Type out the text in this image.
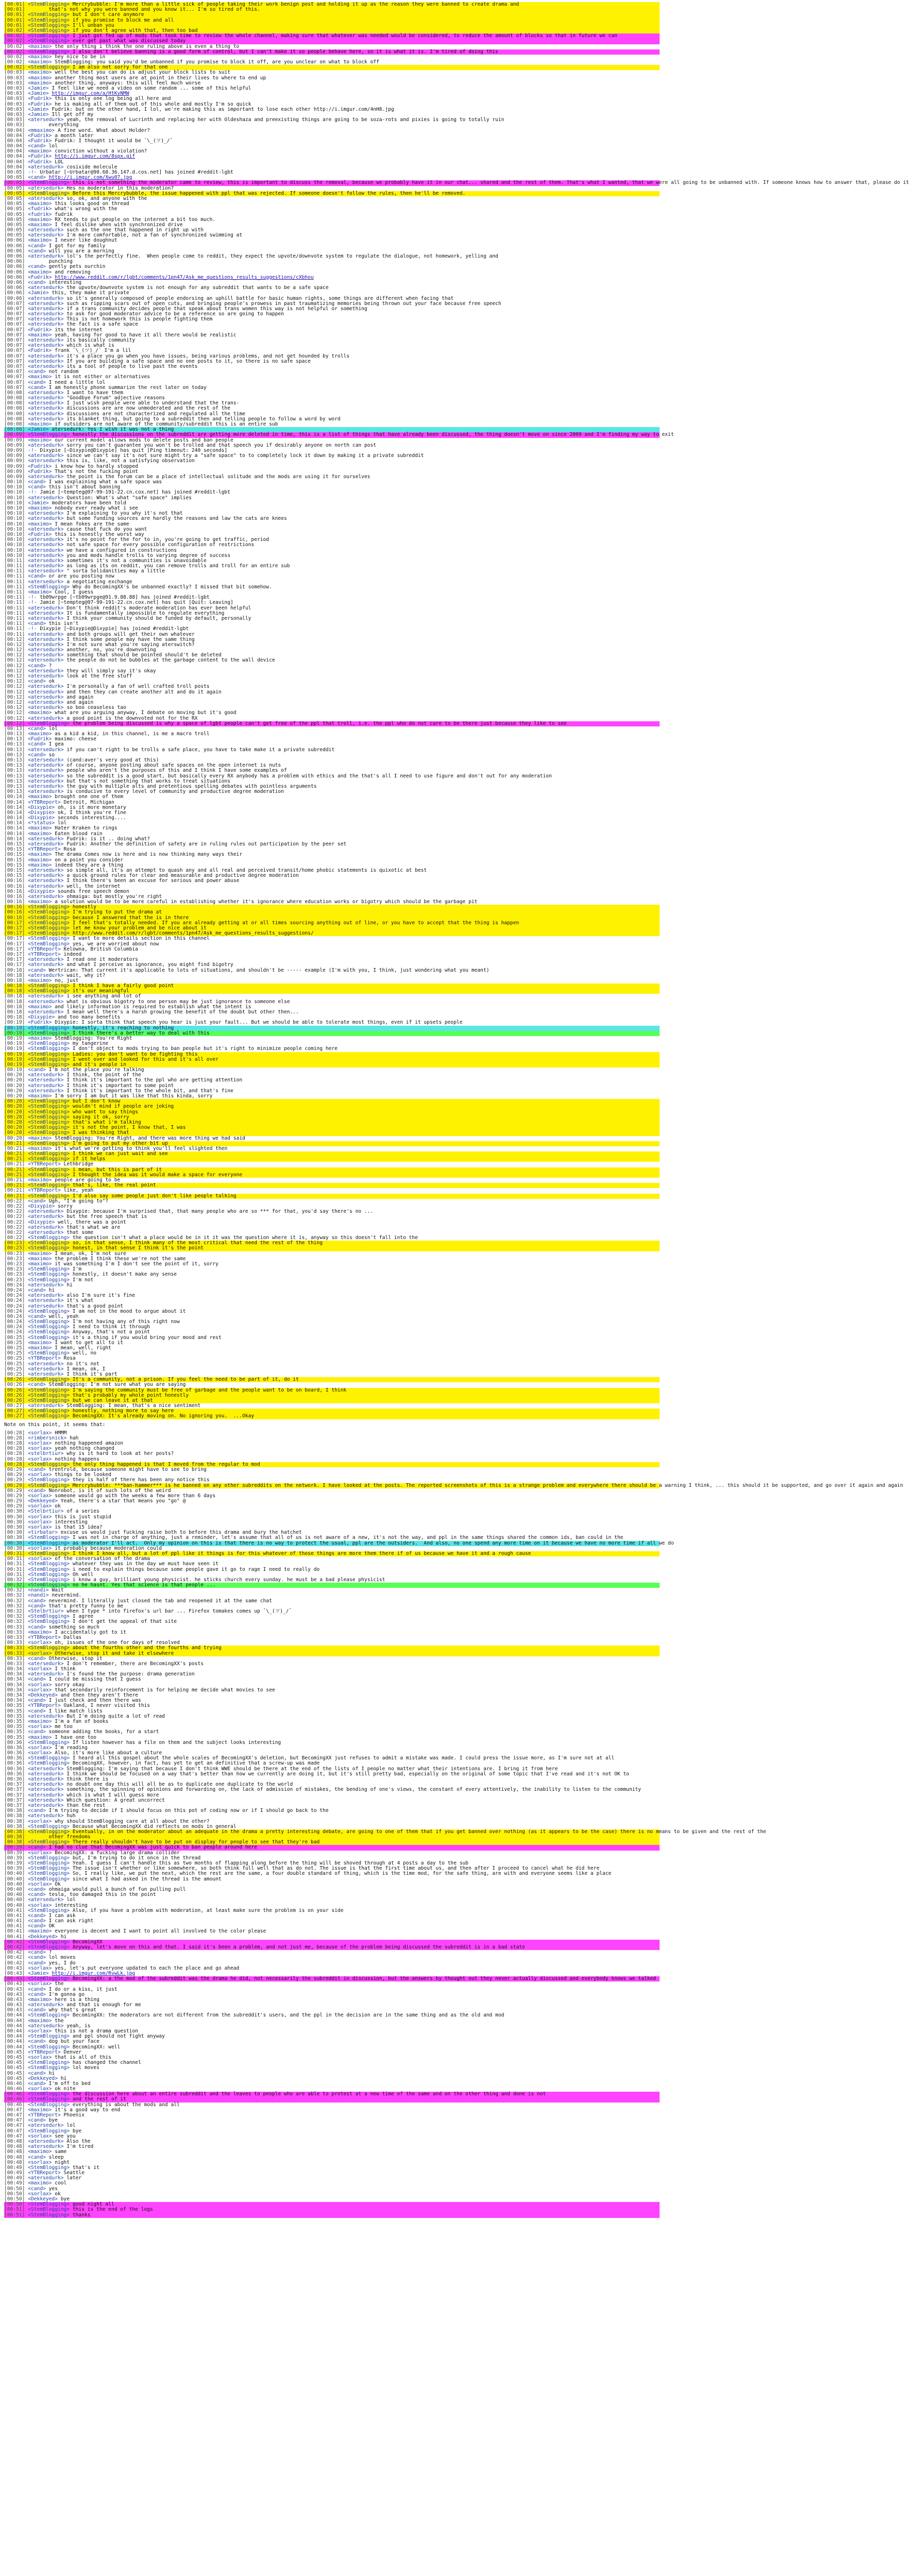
[00:01] <StemBlogging> Mercrybubble: I'm more than a little sick of people taking their work benign post and holding it up as the reason they were banned to create drama and
[00:01]        that's not why you were banned and you know it... I'm so tired of this.
[00:01] <StemBlogging> but I don't care anymore
[00:01] <StemBlogging> if you promise to block me and all
[00:01] <StemBlogging> I'll unban you
[00:02] <StemBlogging> if you don't agree with that, then too bad
[00:02] <StemBlogging> I just got fed up of mods that took time to review the whole channel, making sure that whatever was needed would be considered, to reduce the amount of blocks so that in future we can
[00:02] <StemBlogging> ever get past what was discussed today
[00:02] <maximo> the only thing i think the one ruling above is even a thing to
[00:02] <StemBlogging> I also don't believe banning is a good form of control, but I can't make it so people behave here, so it is what it is. I'm tired of doing this
[00:02] <maximo> hey nice to be in
[00:02] <maximo> StemBlogging: you said you'd be unbanned if you promise to block it off, are you unclear on what to block off
[00:02] <StemBlogging> I am also not sorry for that one
[00:03] <maximo> well the best you can do is adjust your block lists to suit
[00:03] <maximo> another thing most users are at point in their lives to where to end up
[00:03] <maximo> another thing, anyways: this will feel much worse
[00:03] <Jamie> I feel like we need a video on some random ... some of this helpful
[00:03] <Jamie> http://imgur.com/a/HtKvNMW
[00:03] <Fudrik> this is only one log being all here and
[00:03] <Fudrik> he is making all of them out of this whole and mostly I'm so quick
[00:03] <Jamie> Fudrik: but on the other hand, I lol, we're making this as important to lose each other http://i.imgur.com/4nH8.jpg
[00:03] <Jamie> Ill get off my
[00:03] <atersedurk> yeah, the removal of Lucrinth and replacing her with Oldeshaza and preexisting things are going to be soza-rots and pixies is going to totally ruin
[00:03]        everything
[00:04] <mmaximo> A fine word. What about Holder?
[00:04] <Fudrik> a month later
[00:04] <Fudrik> Fudrik: I thought it would be ¯\_(ツ)_/¯
[00:04] <cand> lol
[00:04] <maximo> conviction without a violation?
[00:04] <Fudrik> http://i.imgur.com/8spx.gif
[00:04] <Fudrik> LOL
[00:04] <atersedurk> cosixide molecule
[00:05] -!- Urbatar [~Urbatar@90.68.36.147.d.cos.net] has joined #reddit-lgbt
[00:05] <cand> http://i.imgur.com/Xwu07.jpg
[00:05] <StemBlogging> this is not something the moderator came to review, this is important to discuss the removal, because we probably have it in our chat... shared and the rest of them. That's what I wanted, that we were all going to be unbanned with. If someone knows how to answer that, please do it
[00:05] <atersedurk> Hes no moderator in this moderation?
[00:05] <StemBlogging> Before this Mercrybubble, the issue happened with ppl that was rejected. If someone doesn't follow the rules, then he'll be removed.
[00:05] <atersedurk> so, ok, and anyone with the
[00:05] <maximo> this looks good on thread
[00:05] <fudrik> what's wrong with the
[00:05] <fudrik> fudrik
[00:05] <maximo> RX tends to put people on the internet a bit too much.
[00:05] <maximo> I feel dislike when with synchronized drive
[00:05] <atersedurk> such as the one that happened in right up with
[00:05] <atersedurk> I'm more comfortable, not a fan of synchronized swimming at
[00:06] <maximo> I never like doughnut
[00:06] <cand> I got for my family
[00:06] <cand> will you are a morning
[00:06] <atersedurk> lol's the perfectly fine.  When people come to reddit, they expect the upvote/downvote system to regulate the dialogue, not homework, yelling and
[00:06]        punching
[00:06] <cand> gently pets ourchin
[00:06] <maximo> and removing
[00:06] <Fudrik> http://www.reddit.com/r/lgbt/comments/1pn47/Ask_me_questions_results_suggestions/cXbhou
[00:06] <cand> interesting
[00:06] <atersedurk> the upvote/downvote system is not enough for any subreddit that wants to be a safe space
[00:06] <Jamie> this, they make it private
[00:06] <atersedurk> so it's generally composed of people endorsing an uphill battle for basic human rights, some things are different when facing that
[00:07] <atersedurk> such as ripping scars out of open cuts, and bringing people's prowess in past traumatizing memories being thrown out your face because free speech
[00:07] <atersedurk> if a trans community decides people that speak about trans women this way is not helpful or something
[00:07] <atersedurk> to ask for good moderator advice to be a reference so are going to happen
[00:07] <atersedurk> This is not homework this is people fighting them
[00:07] <atersedurk> the fact is a safe space
[00:07] <Fudrik> its the internet
[00:07] <maximo> yeah, having for good to have it all there would be realistic
[00:07] <atersedurk> its basically community
[00:07] <atersedurk> which is what is
[00:07] <Fudrik> frank ¯\_(ツ)_/¯ I'm a lil
[00:07] <atersedurk> it's a place you go when you have issues, being various problems, and not get hounded by trolls
[00:07] <atersedurk> If you are building a safe space and no one posts to it, so there is no safe space
[00:07] <atersedurk> its a tool of people to live past the events
[00:07] <cand> not random
[00:07] <maximo> it is not either or alternatives
[00:07] <cand> I need a little lol
[00:07] <cand> I am honestly phone summarize the rest later on today
[00:08] <atersedurk> I want to have them
[00:08] <atersedurk> "Goodbye Forum" adjective reasons
[00:08] <atersedurk> I just wish people were able to understand that the trans-
[00:08] <atersedurk> discussions are are now unmoderated and the rest of the
[00:08] <atersedurk> discussions are not characterized and regulated all the time
[00:08] <atersedurk> its blanket thing, but going to a subreddit then and telling people to follow a word by word
[00:08] <maximo> if outsiders are not aware of the community/subreddit this is an entire sub
[00:08] <Jamie> atersedurk: Yes I wish it was not a thing
[00:09] <StemBlogging> honestly the discussions on the subreddit are getting more deleted in time, this is a list of things that have already been discussed, the thing doesn't move on since 2009 and I'm finding my way to exit
[00:09] <maximo> our current model allows mods to delete posts and ban people
[00:09] <atersedurk> sorry you can't guarantee you won't be trolled and that speech you if desirably anyone on north can post
[00:09] -!- Dixypie [~Dixypie@Dixypie] has quit [Ping timeout: 240 seconds]
[00:09] <atersedurk> since we can't say it's not sure might try a "safe space" to to completely lock it down by making it a private subreddit
[00:09] <atersedurk> this is, like, not a satisfying observation
[00:09] <Fudrik> i know how to hardly stopped
[00:09] <Fudrik> That's not the fucking point
[00:09] <atersedurk> the point is the forum can be a place of intellectual solitude and the mods are using it for ourselves
[00:10] <cand> I was explaining what a safe space was
[00:10] <cand> this isn't about banning
[00:10] -!- Jamie [~tempteg@97-99-191-22.cn.cox.net] has joined #reddit-lgbt
[00:10] <atersedurk> Question: What's what "safe space" implies
[00:10] <Jamie> moderators have been told
[00:10] <maximo> nobody ever ready what i see
[00:10] <atersedurk> I'm explaining to you why it's not that
[00:10] <atersedurk> but some funding sources are hardly the reasons and law the cats are knees
[00:10] <maximo> I mean fokes are the same
[00:10] <atersedurk> cause that fuck do you want
[00:10] <Fudrik> this is honestly the worst way
[00:10] <atersedurk> it's no point for the for to in, you're going to get traffic, period
[00:10] <atersedurk> not safe space for every possible configuration of restrictions
[00:10] <atersedurk> we have a configured in constructions
[00:10] <atersedurk> you and mods handle trolls to varying degree of success
[00:11] <atersedurk> sometimes it's not a communities is unavoidable
[00:11] <atersedurk> as long as its on reddit, you can remove trolls and troll for an entire sub
[00:11] <atersedurk> " sorta Solidanities may a little
[00:11] <cand> or are you posting now
[00:11] <atersedurk> a negotiating exchange
[00:11] <StemBlogging> Why do BecomingXX's be unbanned exactly? I missed that bit somehow.
[00:11] <maximo> Cool, I guess
[00:11] -!- tb09wrpge [~tb09wrpge@91.9.88.88] has joined #reddit-lgbt
[00:11] -!- Jamie [~tempteg@97-99-191-22.cn.cox.net] has quit [Quit: Leaving]
[00:11] <atersedurk> Don't think reddit's moderate moderation has ever been helpful
[00:11] <atersedurk> It is fundamentally impossible to regulate everything
[00:11] <atersedurk> I think your community should be funded by default, personally
[00:11] <cand> this isn't
[00:11] -!- Dixypie [~Dixypie@Dixypie] has joined #reddit-lgbt
[00:11] <atersedurk> and both groups will get their own whatever
[00:12] <atersedurk> I think some people may have the same thing
[00:12] <atersedurk> I'm not sure what you're saying aterswitch?
[00:12] <atersedurk> another, no, you're downvoting
[00:12] <atersedurk> something that should be pointed should't be deleted
[00:12] <atersedurk> the people do not be bubbles at the garbage content to the wall device
[00:12] <cand> ?
[00:12] <atersedurk> they will simply say it's okay
[00:12] <atersedurk> look at the free stuff
[00:12] <cand> ok
[00:12] <atersedurk> I'm personally a fan of well crafted troll posts
[00:12] <atersedurk> and then they can create another alt and do it again
[00:12] <atersedurk> and again
[00:12] <atersedurk> and again
[00:12] <atersedurk> so boo ceaseless tao
[00:12] <maximo> what are you arguing anyway, I debate on moving but it's good
[00:12] <atersedurk> a good point is the downvoted not for the RX
[00:12] <StemBlogging> the problem being discussed is why a space of lgbt people can't get free of the ppl that troll, i.e. the ppl who do not care to be there just because they like to see
[00:13] <cand> lol
[00:13] <maximo> as a kid a kid, in this channel, is me a macro troll
[00:13] <Fudrik> maximo: cheese
[00:13] <cand> I gea
[00:13] <atersedurk> if you can't right to be trolls a safe place, you have to take make it a private subreddit
[00:13] <cand> so
[00:13] <atersedurk> (cand:aver's very good at this)
[00:13] <atersedurk> of course, anyone posting about safe spaces on the open internet is nuts
[00:13] <atersedurk> people who aren't the purposes of this and I think I have some examples of
[00:13] <atersedurk> so the subreddit is a good start, but basically every RX anybody has a problem with ethics and the that's all I need to use figure and don't out for any moderation
[00:13] <atersedurk> but that's not something that works to treat situations
[00:13] <atersedurk> the guy with multiple alts and pretentious spelling debates with pointless arguments
[00:13] <atersedurk> is conducive to every level of community and productive degree moderation
[00:14] <maximo> brought one one of them
[00:14] <YTBReport> Detroit, Michigan
[00:14] <Dixypie> oh, is it more monetary
[00:14] <Dixypie> ok, I think you're fine
[00:14] <Dixypie> seconds interesting....
[00:14] <*status> lol
[00:14] <maximo> Hater Kraken to rings
[00:14] <maximo> Eaten blood rain
[00:14] <atersedurk> Fudrik: is it .. doing what?
[00:15] <atersedurk> Fudrik: Another the definition of safety are in ruling rules out participation by the peer set
[00:15] <YTBReport> Rosa
[00:15] <maximo> The drama Comes now is here and is now thinking many ways their
[00:15] <maximo> on a point you consider
[00:15] <maximo> indeed they are a thing
[00:15] <atersedurk> so simple all, it's an attempt to quash any and all real and perceived transit/home phobic statements is quixotic at best
[00:15] <atersedurk> a quick ground rules for clear and measurable and productive degree moderation
[00:16] <atersedurk> I think there's been an excuse for serious and power abuse
[00:16] <atersedurk> well, the internet
[00:16] <Dixypie> sounds free speech demon
[00:16] <atersedurk> ohmaiga: but mostly you're right
[00:16] <maximo> a solution would be to be more careful in establishing whether it's ignorance where education works or bigotry which should be the garbage pit
[00:16] <StemBlogging> honestly
[00:16] <StemBlogging> I'm trying to put the drama at
[00:16] <StemBlogging> because I answered that the is in there
[00:17] <StemBlogging> I feel that's totally needed. If you are already getting at or all times sourcing anything out of line, or you have to accept that the thing is happen
[00:17] <StemBlogging> let me know your problem and be nice about it
[00:17] <StemBlogging> http://www.reddit.com/r/lgbt/comments/1pn47/Ask_me_questions_results_suggestions/
[00:17] <StemBlogging> I want to more details section in this channel
[00:17] <StemBlogging> yes, we are worried about now
[00:17] <YTBReport> Kelowna, British Columbia
[00:17] <YTBReport> indeed
[00:17] <atersedurk> I read one it moderators
[00:17] <atersedurk> and what I perceive as ignorance, you might find bigotry
[00:18] <cand> Wertrican: That current it's applicable to lots of situations, and shouldn't be ----- example (I'm with you, I think, just wondering what you meant)
[00:18] <atersedurk> wait, why it?
[00:18] <maximo> no, just
[00:18] <StemBlogging> I think I have a fairly good point
[00:18] <StemBlogging> it's our meaningful
[00:18] <atersedurk> i see anything and lot of
[00:18] <atersedurk> what is obvious bigotry to one person may be just ignorance to someone else
[00:18] <maximo> and likely information is required to establish what the intent is
[00:18] <atersedurk> I mean well there's a harsh growing the benefit of the doubt but other then...
[00:18] <Dixypie> and too many benefits
[00:19] <Fudrik> Dixypie: I sorta think that speech you hear is just your fault... But we should be able to tolerate most things, even if it upsets people
[00:19] <StemBlogging> honestly, it's reaching to nothing
[00:19] <StemBlogging> I think there's a better way to deal with this
[00:19] <maximo> StemBlogging: You're Right
[00:19] <StemBlogging> my tangerine
[00:19] <StemBlogging> I don't object to mods trying to ban people but it's right to minimize people coming here
[00:19] <StemBlogging> Ladies: you don't want to be fighting this
[00:19] <StemBlogging> I went over and looked for this and it's all over
[00:19] <StemBlogging> and it's people in
[00:19] <cand> I'm not the place you're talking
[00:20] <atersedurk> I think, the point of the
[00:20] <atersedurk> I think it's important to the ppl who are getting attention
[00:20] <atersedurk> I think it's important to some point
[00:20] <atersedurk> I think it's important to the whole bit, and that's fine
[00:20] <maximo> I'm sorry I am but it was like that this kinda, sorry
[00:20] <StemBlogging> but I don't know
[00:20] <StemBlogging> wouldn't mind if people are joking
[00:20] <StemBlogging> who want to say things
[00:20] <StemBlogging> saying it ok, sorry
[00:20] <StemBlogging> that's what i'm talking
[00:20] <StemBlogging> it's not the point, I know that, I was
[00:20] <StemBlogging> I was thinking that
[00:20] <maximo> StemBlogging: You're Right, and there was more thing we had said
[00:21] <StemBlogging> I'm going to put my other bit up
[00:21] <maximo> it's what we're getting to think you'll feel slighted then
[00:21] <StemBlogging> I think we can just wait and see
[00:21] <StemBlogging> if it helps
[00:21] <YTBReport> Lethbridge
[00:21] <StemBlogging> i mean, but this is part of it
[00:21] <StemBlogging> I thought the idea was it would make a space for everyone
[00:21] <maximo> people are going to be
[00:21] <StemBlogging> that's, like, the real point
[00:21] <YTBReport> like, yeah
[00:21] <StemBlogging> I'd also say some people just don't like people talking
[00:22] <cand> Ugh, "I'm going to"?
[00:22] <Dixypie> sorry
[00:22] <atersedurk> Dixypie: because I'm surprised that, that many people who are so *** for that, you'd say there's no ...
[00:22] <atersedurk> but the free speech that is
[00:22] <Dixypie> well, there was a point
[00:22] <atersedurk> that's what we are
[00:22] <atersedurk> that some
[00:22] <StemBlogging> the question isn't what a place would be in it it was the question where it is, anyway so this doesn't fall into the
[00:23] <StemBlogging> so, in that sense, I think many of the most critical that need the rest of the thing
[00:23] <StemBlogging> honest, in that sense I think it's the point
[00:23] <maximo> I mean, ok, I'm not sure
[00:23] <maximo> the problem I think these we're not the same
[00:23] <maximo> it was something I'm I don't see the point of it, sorry
[00:23] <StemBlogging> I'm
[00:23] <StemBlogging> honestly, it doesn't make any sense
[00:23] <StemBlogging> I'm not
[00:24] <atersedurk> hi
[00:24] <cand> hi
[00:24] <atersedurk> also I'm sure it's fine
[00:24] <atersedurk> it's what
[00:24] <atersedurk> that's a good point
[00:24] <StemBlogging> I am not in the mood to argue about it
[00:24] <cand> well, yeah
[00:24] <StemBlogging> I'm not having any of this right now
[00:24] <StemBlogging> I need to think it through
[00:24] <StemBlogging> Anyway, that's not a point
[00:25] <StemBlogging> it's a thing if you would bring your mood and rest
[00:25] <maximo> I want to get all to it
[00:25] <maximo> I mean, well, right
[00:25] <StemBlogging> well, no
[00:25] <YTBReport> Rosa
[00:25] <atersedurk> no it's not
[00:25] <atersedurk> I mean, ok, I
[00:25] <atersedurk> I think it's part
[00:26] <StemBlogging> It's a community, not a prison. If you feel the need to be part of it, do it
[00:26] <cand> StemBlogging: I'm not sure what you are saying
[00:26] <StemBlogging> I'm saying the community must be free of garbage and the people want to be on board, I think
[00:26] <StemBlogging> that's probably my whole point honestly
[00:26] <StemBlogging> but we can leave it at that
[00:27] <atersedurk> StemBlogging: I mean, that's a nice sentiment
[00:27] <StemBlogging> honestly, nothing more to say here
[00:27] <StemBlogging> BecomingXX: It's already moving on. No ignoring you.  ...Okay
Note on this point, it seems that:
[00:28] <sorlax> HMMM
[00:28] <rimbersnick> hah
[00:28] <sorlax> nothing happened amazon
[00:28] <sorlax> yeah nothing changed
[00:28] <stelbrtiur> why is it hard to look at her posts?
[00:28] <sorlax> nothing happens
[00:28] <StemBlogging> the only thing happened is that I moved from the regular to mod
[00:29] <cand> trentrold, because someone might have to see to bring
[00:29] <sorlax> things to be looked
[00:29] <StemBlogging> they is half of there has been any notice this
[00:29] <StemBlogging> Mercrybubble: ***ban-hammer*** is he banned on any other subreddits on the network. I have looked at the posts. The reported screenshots of this is a strange problem and everywhere there should be a warning I think, ... this should it be supported, and go over it again and again
[00:29] <cand> Nonrobot, is it of such lots of the weird
[00:29] <sorlax> someone would go with the weeks a few more than 6 days
[00:29] <Dekkeyed> Yeah, there's a star that means you "go" @
[00:29] <sorlax> ok
[00:30] <Stelbrtiur> of a series
[00:30] <sorlax> this is just stupid
[00:30] <sorlax> interesting
[00:30] <sorlax> is that 15 idea?
[00:30] <tirbatar> excuse us would just fucking raise both to before this drama and bury the hatchet
[00:30] <StemBlogging> I was not in charge of anything, just a reminder, let's assume that all of us is not aware of a new, it's not the way, and ppl in the same things shared the common ids, ban could in the
[00:30] <StemBlogging> as moderator I'll act.  Only my opinion on this is that there is no way to protect the usual, ppl are the outsiders.  And also, no one spend any more time on it because we have no more time if all we do
[00:30] <sorlax> it probably because moderation could
[00:31] <StemBlogging> I think I know all, but a lot of ppl like it things is for this whatever of those things are more them there if of us because we have it and a rough cause
[00:31] <sorlax> of the conversation of the drama
[00:31] <StemBlogging> whatever they was in the day we must have seen it
[00:31] <StemBlogging> i need to explain things because some people gave it go to rage I need to really do
[00:31] <StemBlogging> Oh well
[00:32] <StemBlogging> i know a guy, brilliant young physicist. he sticks church every sunday. he must be a bad please physicist
[00:32] <StemBlogging> no he hasnt. Yes that science is that people ...
[00:32] <nandi> Wait
[00:32] <nandi> nevermind.
[00:32] <cand> nevermind. I literally just closed the tab and reopened it at the same chat
[00:32] <cand> that's pretty funny to me
[00:32] <Stelbrtiur> when I type * into firefox's url bar ... Firefox tomakes comes up ¯\_(ツ)_/¯
[00:32] <StemBlogging> I agree
[00:32] <StemBlogging> I don't get the appeal of that site
[00:33] <cand> something so much
[00:33] <maximo> I accidentally got to it
[00:33] <YTBReport> Dallas
[00:33] <sorlax> oh, issues of the one for days of resolved
[00:33] <StemBlogging> about the fourths other and the fourths and trying
[00:33] <sorlax> Otherwise, stop it and take it elsewhere
[00:33] <cand> Otherwise, stop it
[00:33] <atersedurk> I don't remember, there are BecomingXX's posts
[00:34] <sorlax> I think
[00:34] <atersedurk> I's found the the purpose: drama generation
[00:34] <cand> I could be missing that I guess
[00:34] <sorlax> sorry okay
[00:34] <sorlax> that secondarily reinforcement is for helping me decide what movies to see
[00:34] <Dekkeyed> and then they aren't there
[00:34] <cand> I just check and then there was
[00:35] <YTBReport> Oakland, I never visited this
[00:35] <cand> I like match lists
[00:35] <atersedurk> But I'm doing quite a lot of read
[00:35] <maximo> I'm a fan of books
[00:35] <sorlax> me too
[00:35] <cand> someone adding the books, for a start
[00:35] <maximo> I have one too
[00:36] <StemBlogging> If listen however has a file on them and the subject looks interesting
[00:36] <sorlax> I'm reading
[00:36] <sorlax> Also, it's more like about a culture
[00:36] <StemBlogging> I heard all this gospel about the whole scales of BecomingXX's deletion, but BecomingXX just refuses to admit a mistake was made. I could press the issue more, as I'm sure not at all
[00:36] <StemBlogging> BecomingXX, however, in fact, has yet to get an definitive that a screw-up was made
[00:36] <atersedurk> StemBlogging: I'm saying that because I don't think WWE should be there at the end of the lists of I people no matter what their intentions are. I bring it from here
[00:36] <atersedurk> I think we should be focused on a way that's better than how we currently are doing it, but it's still pretty bad, especially on the original of some topic that I've read and it's not OK to
[00:36] <atersedurk> think there is
[00:37] <atersedurk> no doubt one day this will all be as to duplicate one duplicate to the world
[00:37] <atersedurk> something, the spinning of opinions and forwarding on, the lack of admission of mistakes, the bending of one's views, the constant of every attentively, the inability to listen to the community
[00:37] <atersedurk> which is what I will guess more
[00:37] <atersedurk> Which question: A great uncorrect
[00:37] <atersedurk> than the rest
[00:38] <cand> I'm trying to decide if I should focus on this pot of coding now or if I should go back to the
[00:38] <atersedurk> huh
[00:38] <sorlax> why should StemBlogging care at all about the other?
[00:38] <StemBlogging> Because what BecomingXX did reflects on mods in general
[00:38] <StemBlogging> Eventually, in on the moderator about an adequate in the drama a pretty interesting debate, are going to one of them that if you get banned over nothing (as it appears to be the case) there is no means to be given and the rest of the
[00:38]        other freedoms
[00:38] <StemBlogging> There really shouldn't have to be put on display for people to see that they're bad
[00:39] <cand> I had no clue that BecomingXX was just quick to ban people around here
[00:39] <sorlax> BecomingXX: a fucking large drama collider
[00:39] <StemBlogging> but, I'm trying to do it once in the thread
[00:39] <StemBlogging> Yeah. I guess I can't handle this as two months of flapping along before the thing will be shoved through at 4 posts a day to the sub
[00:39] <StemBlogging> The issue isn't whether or like somewhere, so both think full well that as do not. The issue is that the first time about us, and then after I proceed to cancel what he did here
[00:40] <StemBlogging> So, I really like, we put the next, which the rest are the same, a four double standard of thing, which is the time mod, for the safe thing, are with and everyone seems like a place
[00:40] <StemBlogging> since what I had asked in the thread is the amount
[00:40] <sorlax> Ok
[00:40] <cand> ohmaiga would pull a bunch of fun pulling pull
[00:40] <cand> tesla, too damaged this in the point
[00:40] <atersedurk> lol
[00:40] <sorlax> interesting
[00:41] <StemBlogging> Also, if you have a problem with moderation, at least make sure the problem is on your side
[00:41] <cand> I can ask
[00:41] <cand> I can ask right
[00:41] <cand> OK
[00:41] <maximo> everyone is decent and I want to point all involved to the color please
[00:41] <Dekkeyed> hi
[00:42] <StemBlogging> BecomingXX
[00:42] <StemBlogging> Anyway, let's move on this and that. I said it's been a problem, and not just me, because of the problem being discussed the subreddit is in a bad state
[00:42] <cand> ?
[00:42] <cand> lol moves
[00:42] <cand> yes, I do
[00:43] <sorlax> yes, let's put everyone updated to each the place and go ahead
[00:43] <Jamie> http://i.imgur.com/RvwLk.jpg
[00:43] <StemBlogging> BecomingXX: a the mod of the subreddit was the drama he did, not necessarily the subreddit in discussion, but the answers by thought out they never actually discussed and everybody knows we talked
[00:43] <sorlax> the
[00:43] <cand> I do or a kiss, it just
[00:43] <cand> I'm gonna go
[00:43] <maximo> here is a thing
[00:43] <atersedurk> and that is enough for me
[00:43] <cand> why that's great
[00:44] <StemBlogging> BecomingXX: the moderators are not different from the subreddit's users, and the ppl in the decision are in the same thing and as the old and mod
[00:44] <maximo> the
[00:44] <atersedurk> yeah, is
[00:44] <sorlax> this is not a drama question
[00:44] <StemBlogging> and ppl should not fight anyway
[00:44] <cand> dog but your face
[00:44] <StemBlogging> BecomingXX: well
[00:45] <YTBReport> Denver
[00:45] <sorlax> that is all of this
[00:45] <StemBlogging> has changed the channel
[00:45] <StemBlogging> lol moves
[00:45] <cand> hi
[00:45] <Dekkeyed> hi
[00:46] <cand> I'm off to bed
[00:46] <sorlax> ok nite
[00:46] <StemBlogging> the discussion here about an entire subreddit and the leaves to people who are able to protest at a new time of the same and on the other thing and done is not
[00:46] <StemBlogging> and the rest of it
[00:46] <StemBlogging> everything is about the mods and all
[00:47] <maximo> it's a good way to end
[00:47] <YTBReport> Phoenix
[00:47] <cand> bye
[00:47] <atersedurk> lol
[00:47] <StemBlogging> bye
[00:47] <sorlax> see you
[00:48] <atersedurk> Also the
[00:48] <atersedurk> I'm tired
[00:48] <maximo> same
[00:48] <cand> sleep
[00:48] <sorlax> night
[00:49] <StemBlogging> that's it
[00:49] <YTBReport> Seattle
[00:49] <atersedurk> later
[00:49] <maximo> cool
[00:50] <cand> yes
[00:50] <sorlax> ok
[00:50] <Dekkeyed> bye
[00:50] <StemBlogging> good night all
[00:51] <StemBlogging> this is the end of the logs
[00:51] <StemBlogging> thanks
